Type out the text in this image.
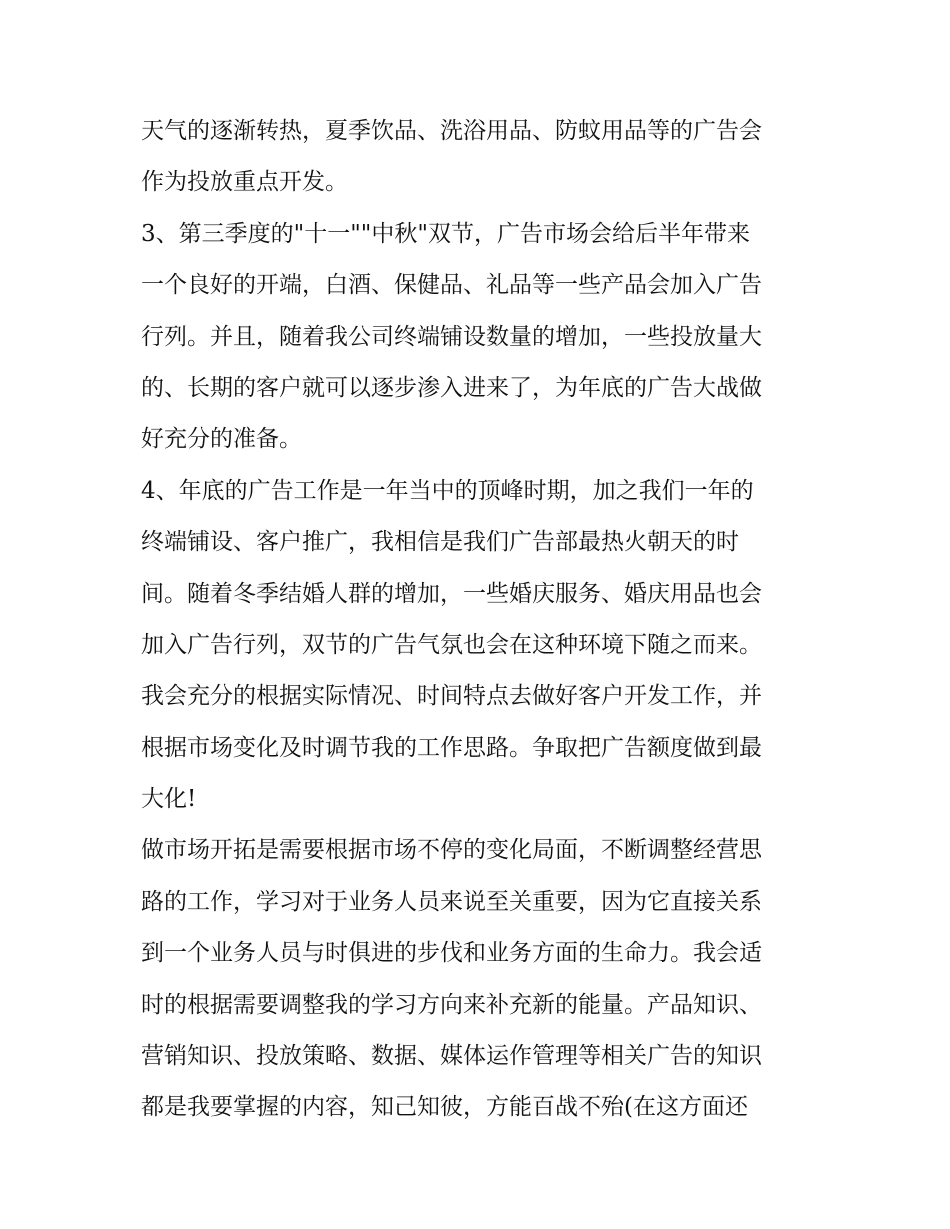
天气的逐渐转热，夏季饮品、洗浴用品、防蚊用品等的广告会
作为投放重点开发。
3、第三季度的"十一""中秋"双节，广告市场会给后半年带来
一个良好的开端，白酒、保健品、礼品等一些产品会加入广告
行列。并且，随着我公司终端铺设数量的增加，一些投放量大
的、长期的客户就可以逐步渗入进来了，为年底的广告大战做
好充分的准备。
4、年底的广告工作是一年当中的顶峰时期，加之我们一年的
终端铺设、客户推广，我相信是我们广告部最热火朝天的时
间。随着冬季结婚人群的增加，一些婚庆服务、婚庆用品也会
加入广告行列，双节的广告气氛也会在这种环境下随之而来。
我会充分的根据实际情况、时间特点去做好客户开发工作，并
根据市场变化及时调节我的工作思路。争取把广告额度做到最
大化!
做市场开拓是需要根据市场不停的变化局面，不断调整经营思
路的工作，学习对于业务人员来说至关重要，因为它直接关系
到一个业务人员与时俱进的步伐和业务方面的生命力。我会适
时的根据需要调整我的学习方向来补充新的能量。产品知识、
营销知识、投放策略、数据、媒体运作管理等相关广告的知识
都是我要掌握的内容，知己知彼，方能百战不殆(在这方面还
